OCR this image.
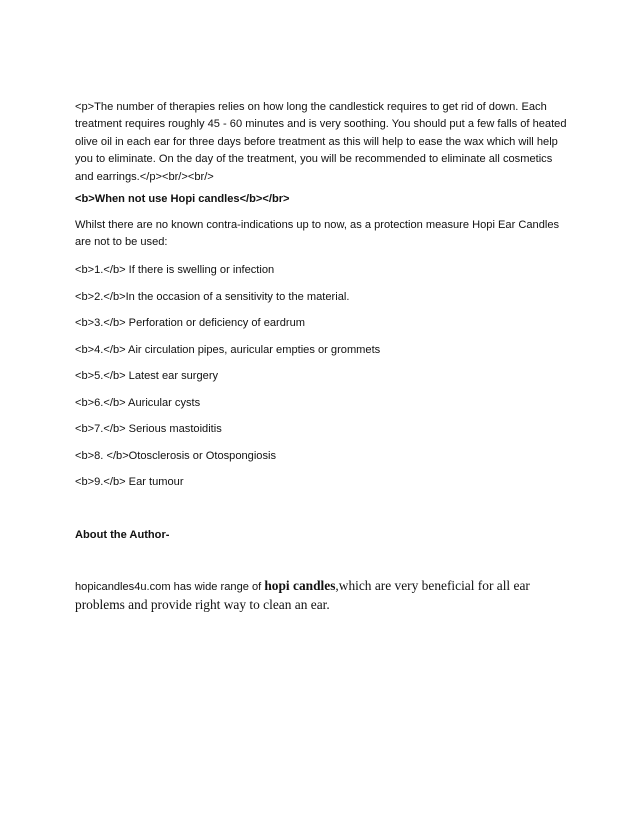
<p>The number of therapies relies on how long the candlestick requires to get rid of down. Each treatment requires roughly 45 - 60 minutes and is very soothing. You should put a few falls of heated olive oil in each ear for three days before treatment as this will help to ease the wax which will help you to eliminate. On the day of the treatment, you will be recommended to eliminate all cosmetics and earrings.</p><br/><br/>

<b>When not use Hopi candles</b></br>

Whilst there are no known contra-indications up to now, as a protection measure Hopi Ear Candles are not to be used:

<b>1.</b> If there is swelling or infection

<b>2.</b>In the occasion of a sensitivity to the material.

<b>3.</b> Perforation or deficiency of eardrum

<b>4.</b> Air circulation pipes, auricular empties or grommets

<b>5.</b> Latest ear surgery

<b>6.</b> Auricular cysts

<b>7.</b> Serious mastoiditis

<b>8. </b>Otosclerosis or Otospongiosis

<b>9.</b> Ear tumour

About the Author-

hopicandles4u.com has wide range of hopi candles,which are very beneficial for all ear problems and provide right way to clean an ear.
